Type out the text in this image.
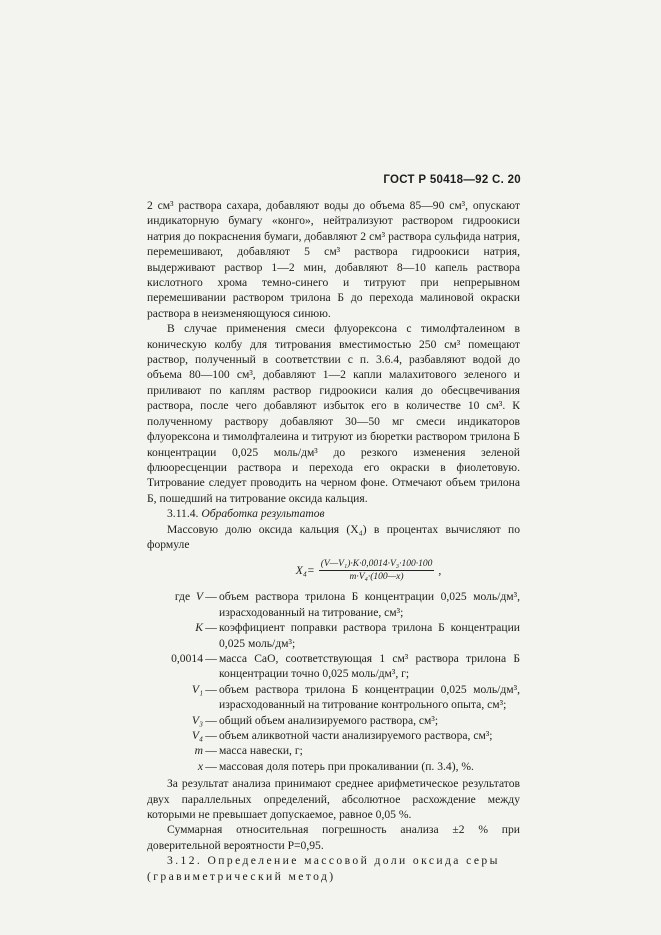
ГОСТ Р 50418—92 С. 20

2 см³ раствора сахара, добавляют воды до объема 85—90 см³, опускают индикаторную бумагу «конго», нейтрализуют раствором гидроокиси натрия до покраснения бумаги, добавляют 2 см³ раствора сульфида натрия, перемешивают, добавляют 5 см³ раствора гидроокиси натрия, выдерживают раствор 1—2 мин, добавляют 8—10 капель раствора кислотного хрома темно-синего и титруют при непрерывном перемешивании раствором трилона Б до перехода малиновой окраски раствора в неизменяющуюся синюю.

В случае применения смеси флуорексона с тимолфталеином в коническую колбу для титрования вместимостью 250 см³ помещают раствор, полученный в соответствии с п. 3.6.4, разбавляют водой до объема 80—100 см³, добавляют 1—2 капли малахитового зеленого и приливают по каплям раствор гидроокиси калия до обесцвечивания раствора, после чего добавляют избыток его в количестве 10 см³. К полученному раствору добавляют 30—50 мг смеси индикаторов флуорексона и тимолфталеина и титруют из бюретки раствором трилона Б концентрации 0,025 моль/дм³ до резкого изменения зеленой флюоресценции раствора и перехода его окраски в фиолетовую. Титрование следует проводить на черном фоне. Отмечают объем трилона Б, пошедший на титрование оксида кальция.

3.11.4. Обработка результатов

Массовую долю оксида кальция (X₄) в процентах вычисляют по формуле

$X_4= \frac{\text{(V—V₁)·K·0,0014·V₃·100·100}}{\text{m·V₄·(100—x)}}$ ,
где V — объем раствора трилона Б концентрации 0,025 моль/дм³, израсходованный на титрование, см³;
K — коэффициент поправки раствора трилона Б концентрации 0,025 моль/дм³;
0,0014 — масса CaO, соответствующая 1 см³ раствора трилона Б концентрации точно 0,025 моль/дм³, г;
V₁ — объем раствора трилона Б концентрации 0,025 моль/дм³, израсходованный на титрование контрольного опыта, см³;
V₃ — общий объем анализируемого раствора, см³;
V₄ — объем аликвотной части анализируемого раствора, см³;
m — масса навески, г;
x — массовая доля потерь при прокаливании (п. 3.4), %.

За результат анализа принимают среднее арифметическое результатов двух параллельных определений, абсолютное расхождение между которыми не превышает допускаемое, равное 0,05 %.

Суммарная относительная погрешность анализа ±2 % при доверительной вероятности P=0,95.

3.12. Определение массовой доли оксида серы

(гравиметрический метод)
